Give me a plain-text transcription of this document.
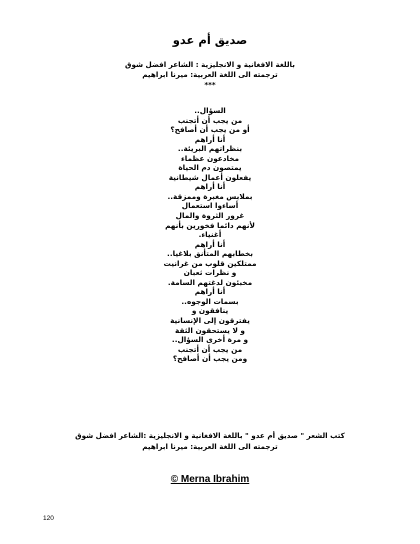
صديق أم عدو
باللغة الافغانية و الانجليزية : الشاعر افضل شوق
ترجمته الى اللغة العربية: ميرنا ابراهيم
***
السؤال..
من يجب أن أتجنب
أو من يجب أن أصافح؟
أنا أراهم
بنظراتهم البريئة..
مخادعون عظماء
يمتصون دم الحياة
يفعلون أعمال شيطانية
أنا أراهم
بملابس مغبرة وممزقة..
أساءوا استعمال
غرور الثروة والمال
لأنهم دائما فخورين بأنهم
أغنياء.
أنا أراهم
بخطابهم المتأنق بلاغيا..
ممتلكين قلوب من غرانيت
و نظرات ثعبان
مخبئون لدغتهم السامة.
أنا أراهم
بسمات الوجوه..
ينافقون و
يفترقون إلى الإنسانية
و لا يستحقون الثقة
و مرة أخرى السؤال..
من يجب أن أتجنب
ومن يجب أن أصافح؟
كتب الشعر " صديق أم عدو " باللغة الافغانية و الانجليزية :الشاعر افضل شوق
ترجمته الى اللغة العربية: ميرنا ابراهيم
© Merna Ibrahim
120
